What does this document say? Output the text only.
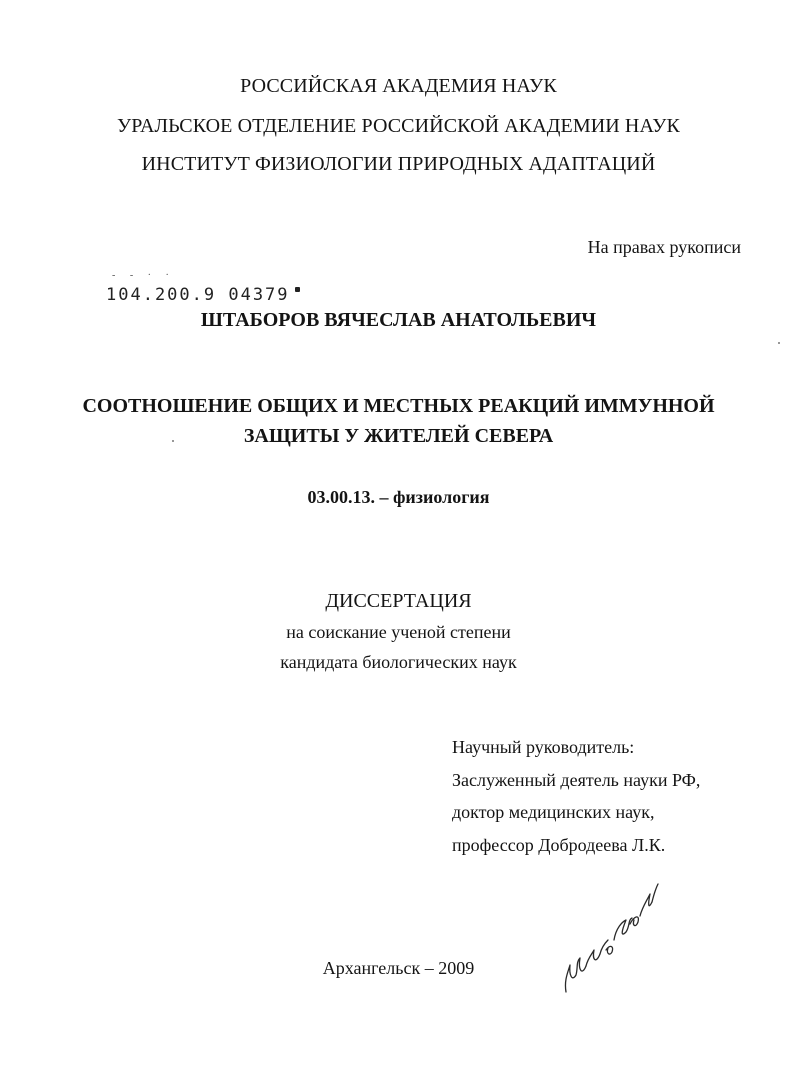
РОССИЙСКАЯ АКАДЕМИЯ НАУК
УРАЛЬСКОЕ ОТДЕЛЕНИЕ РОССИЙСКОЙ АКАДЕМИИ НАУК
ИНСТИТУТ ФИЗИОЛОГИИ ПРИРОДНЫХ АДАПТАЦИЙ
На правах рукописи
- - · ·
104.200.9 04379
ШТАБОРОВ ВЯЧЕСЛАВ АНАТОЛЬЕВИЧ
СООТНОШЕНИЕ ОБЩИХ И МЕСТНЫХ РЕАКЦИЙ ИММУННОЙ
ЗАЩИТЫ У ЖИТЕЛЕЙ СЕВЕРА
03.00.13. – физиология
ДИССЕРТАЦИЯ
на соискание ученой степени
кандидата биологических наук
Научный руководитель:
Заслуженный деятель науки РФ,
доктор медицинских наук,
профессор Добродеева Л.К.
Архангельск – 2009
